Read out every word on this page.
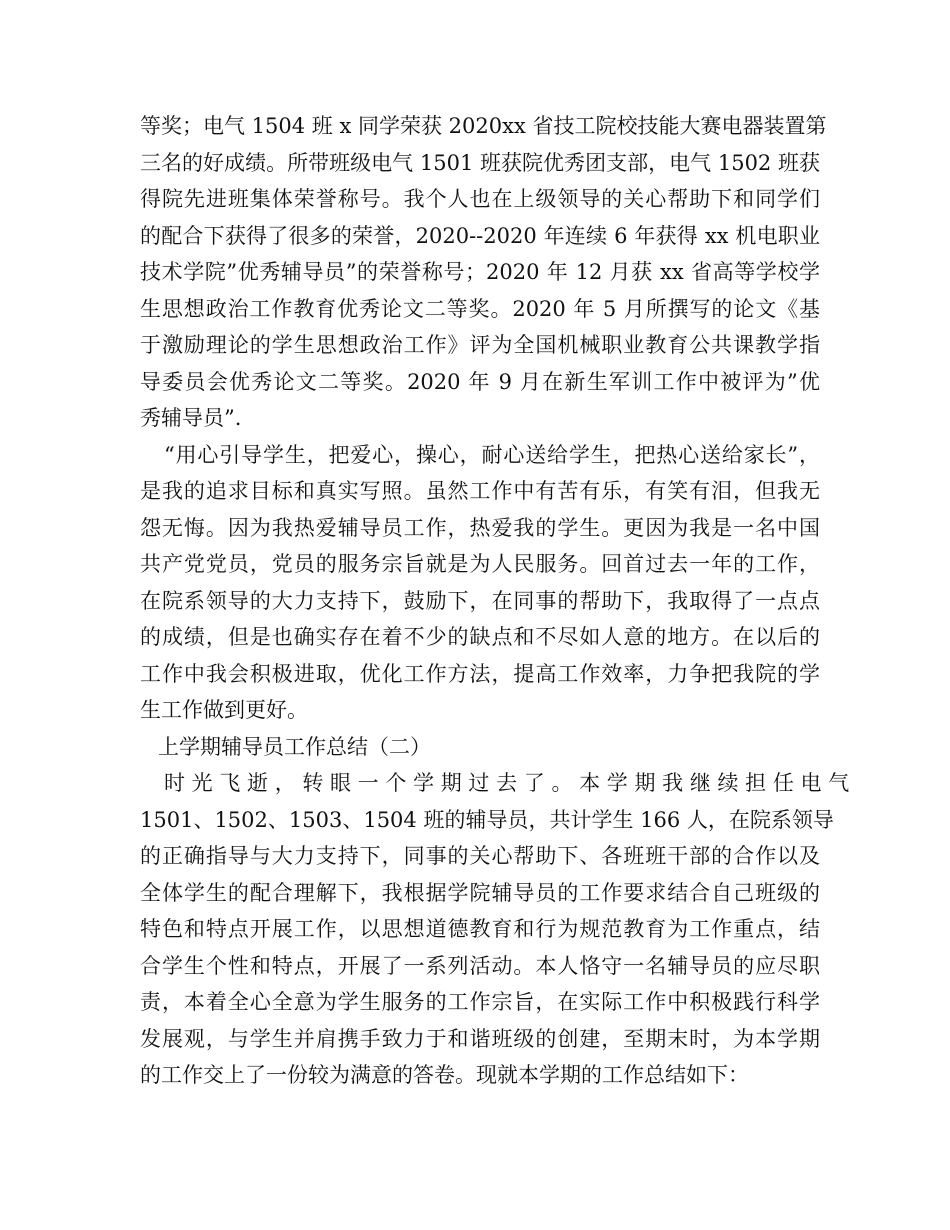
等奖；电气 1504 班 x 同学荣获 2020xx 省技工院校技能大赛电器装置第
三名的好成绩。所带班级电气 1501 班获院优秀团支部，电气 1502 班获
得院先进班集体荣誉称号。我个人也在上级领导的关心帮助下和同学们
的配合下获得了很多的荣誉，2020--2020 年连续 6 年获得 xx 机电职业
技术学院”优秀辅导员”的荣誉称号；2020 年 12 月获 xx 省高等学校学
生思想政治工作教育优秀论文二等奖。2020 年 5 月所撰写的论文《基
于激励理论的学生思想政治工作》评为全国机械职业教育公共课教学指
导委员会优秀论文二等奖。2020 年 9 月在新生军训工作中被评为”优
秀辅导员”.
“用心引导学生，把爱心，操心，耐心送给学生，把热心送给家长”，
是我的追求目标和真实写照。虽然工作中有苦有乐，有笑有泪，但我无
怨无悔。因为我热爱辅导员工作，热爱我的学生。更因为我是一名中国
共产党党员，党员的服务宗旨就是为人民服务。回首过去一年的工作，
在院系领导的大力支持下，鼓励下，在同事的帮助下，我取得了一点点
的成绩，但是也确实存在着不少的缺点和不尽如人意的地方。在以后的
工作中我会积极进取，优化工作方法，提高工作效率，力争把我院的学
生工作做到更好。
上学期辅导员工作总结（二）
时 光 飞 逝 ， 转 眼 一 个 学 期 过 去 了 。 本 学 期 我 继 续 担 任 电 气
1501、1502、1503、1504 班的辅导员，共计学生 166 人，在院系领导
的正确指导与大力支持下，同事的关心帮助下、各班班干部的合作以及
全体学生的配合理解下，我根据学院辅导员的工作要求结合自己班级的
特色和特点开展工作，以思想道德教育和行为规范教育为工作重点，结
合学生个性和特点，开展了一系列活动。本人恪守一名辅导员的应尽职
责，本着全心全意为学生服务的工作宗旨，在实际工作中积极践行科学
发展观，与学生并肩携手致力于和谐班级的创建，至期末时，为本学期
的工作交上了一份较为满意的答卷。现就本学期的工作总结如下：
